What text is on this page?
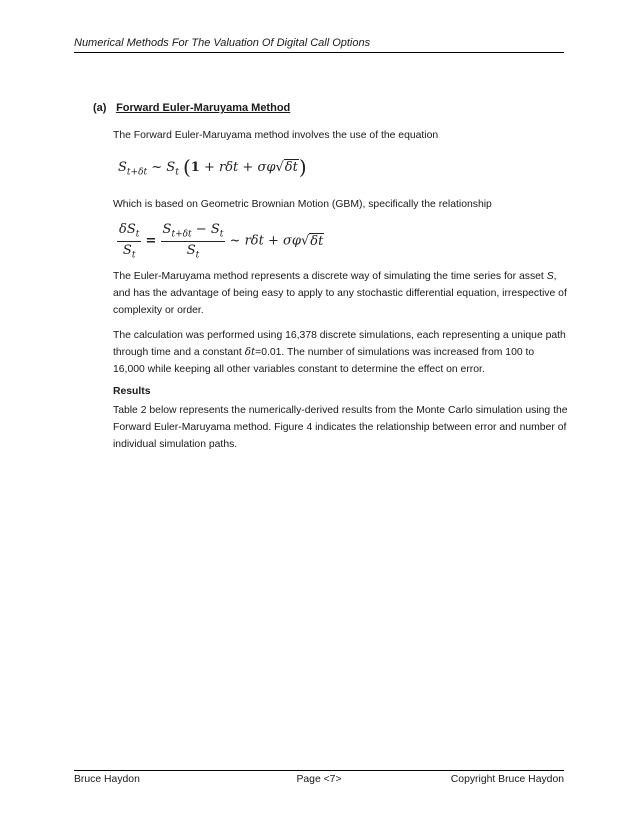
Numerical Methods For The Valuation Of Digital Call Options
(a) Forward Euler-Maruyama Method

The Forward Euler-Maruyama method involves the use of the equation

$S_{t+\delta t}$ ~ $S_t$ (1 + rδt + σφ√δt)

Which is based on Geometric Brownian Motion (GBM), specifically the relationship

$\frac{\delta S_t}{S_t} = \frac{S_{t+\delta t} - S_t}{S_t}$ ~ rδt + σφ√δt

The Euler-Maruyama method represents a discrete way of simulating the time series for asset S, and has the advantage of being easy to apply to any stochastic differential equation, irrespective of complexity or order.

The calculation was performed using 16,378 discrete simulations, each representing a unique path through time and a constant δt=0.01. The number of simulations was increased from 100 to 16,000 while keeping all other variables constant to determine the effect on error.

Results

Table 2 below represents the numerically-derived results from the Monte Carlo simulation using the Forward Euler-Maruyama method. Figure 4 indicates the relationship between error and number of individual simulation paths.

Bruce Haydon	Page <7>	Copyright Bruce Haydon
